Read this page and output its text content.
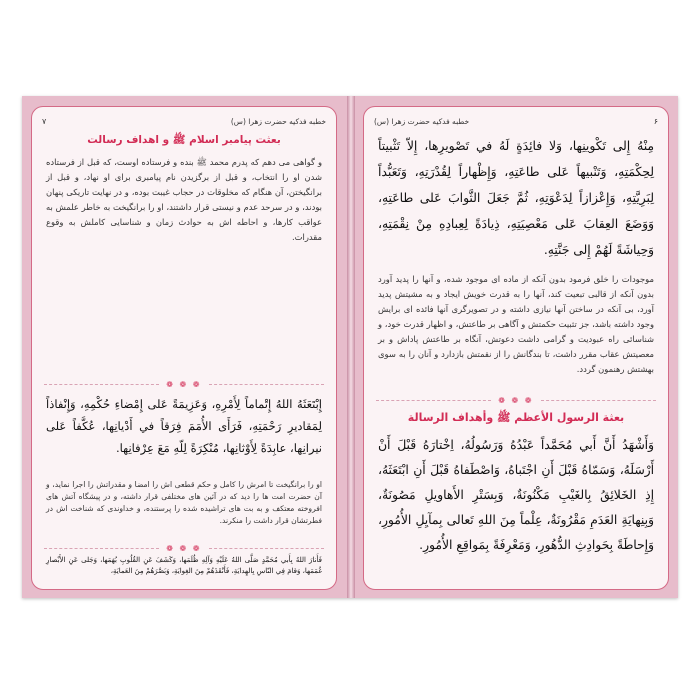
خطبه فدکیه حضرت زهرا (س)
۷
بعثت پیامبر اسلام ﷺ و اهداف رسالت
و گواهی می دهم که پدرم محمد ﷺ بنده و فرستاده اوست، که قبل از فرستاده شدن او را انتخاب، و قبل از برگزیدن نام پیامبری برای او نهاد، و قبل از برانگیختن، آن هنگام که مخلوقات در حجاب غیبت بوده، و در نهایت تاریکی پنهان بودند، و در سرحد عدم و نیستی قرار داشتند، او را برانگیخت به خاطر علمش به عواقب کارها، و احاطه اش به حوادث زمان و شناسایی کاملش به وقوع مقدرات.
❁ ❁ ❁
إِبْتَعَثَهُ اللهُ إِتْماماً لِأَمْرِهِ، وَعَزِيمَةً عَلى إِمْضاءِ حُكْمِهِ، وَإِنْفاذاً لِمَقاديرِ رَحْمَتِهِ، فَرَأَى الأُمَمَ فِرَقاً في أَدْيانِها، عُكَّفاً عَلى نيرانِها، عابِدَةً لِأَوْثانِها، مُنْكِرَةً لِلّهِ مَعَ عِرْفانِها.
او را برانگیخت تا امرش را کامل و حکم قطعی اش را امضا و مقدراتش را اجرا نماید، و آن حضرت امت ها را دید که در آئین های مختلفی قرار داشته، و در پیشگاه آتش های افروخته معتکف و به بت های تراشیده شده را پرستنده، و خداوندی که شناخت اش در فطرتشان قرار داشت را منکرند.
❁ ❁ ❁
فَأَنارَ اللهُ بِأَبي مُحَمَّدٍ صَلَّى اللهُ عَلَيْهِ وَآلِهِ ظُلَمَها، وَكَشَفَ عَنِ القُلُوبِ بُهَمَها، وَجَلى عَنِ الأَبْصارِ غُمَمَها، وَقامَ فِي النّاسِ بِالهِدايَةِ، فَأَنْقَذَهُمْ مِنَ الغِوايَةِ، وَبَصَّرَهُمْ مِنَ العَمايَةِ،
۶
خطبه فدکیه حضرت زهرا (س)
مِنْهُ إِلى تَكْوينِها، وَلا فائِدَةٍ لَهُ في تَصْويرِها، إِلاّ تَثْبيتاً لِحِكْمَتِهِ، وَتَنْبيهاً عَلى طاعَتِهِ، وَإِظْهاراً لِقُدْرَتِهِ، وَتَعَبُّداً لِبَرِيَّتِهِ، وَإِعْزازاً لِدَعْوَتِهِ، ثُمَّ جَعَلَ الثَّوابَ عَلى طاعَتِهِ، وَوَضَعَ العِقابَ عَلى مَعْصِيَتِهِ، ذِيادَةً لِعِبادِهِ مِنْ نِقْمَتِهِ، وَحِياشَةً لَهُمْ إِلى جَنَّتِهِ.
موجودات را خلق فرمود بدون آنکه از ماده ای موجود شده، و آنها را پدید آورد بدون آنکه از قالبی تبعیت کند، آنها را به قدرت خویش ایجاد و به مشیتش پدید آورد، بی آنکه در ساختن آنها نیازی داشته و در تصویرگری آنها فائده ای برایش وجود داشته باشد، جز تثبیت حکمتش و آگاهی بر طاعتش، و اظهار قدرت خود، و شناسائی راه عبودیت و گرامی داشت دعوتش، آنگاه بر طاعتش پاداش و بر معصیتش عقاب مقرر داشت، تا بندگانش را از نقمتش بازدارد و آنان را به سوی بهشتش رهنمون گردد.
❁ ❁ ❁
بعثة الرسول الأعظم ﷺ وأهداف الرسالة
وَأَشْهَدُ أَنَّ أَبي مُحَمَّداً عَبْدُهُ وَرَسُولُهُ، اِخْتارَهُ قَبْلَ أَنْ أَرْسَلَهُ، وَسَمّاهُ قَبْلَ أَنِ اجْتَباهُ، وَاصْطَفاهُ قَبْلَ أَنِ ابْتَعَثَهُ، إِذِ الخَلائِقُ بِالغَيْبِ مَكْنُونَةٌ، وَبِسَتْرِ الأَهاويلِ مَصُونَةٌ، وَبِنِهايَةِ العَدَمِ مَقْرُونَةٌ، عِلْماً مِنَ اللهِ تَعالى بِمآيِلِ الأُمُورِ، وَإِحاطَةً بِحَوادِثِ الدُّهُورِ، وَمَعْرِفَةً بِمَواقِعِ الأُمُورِ.
